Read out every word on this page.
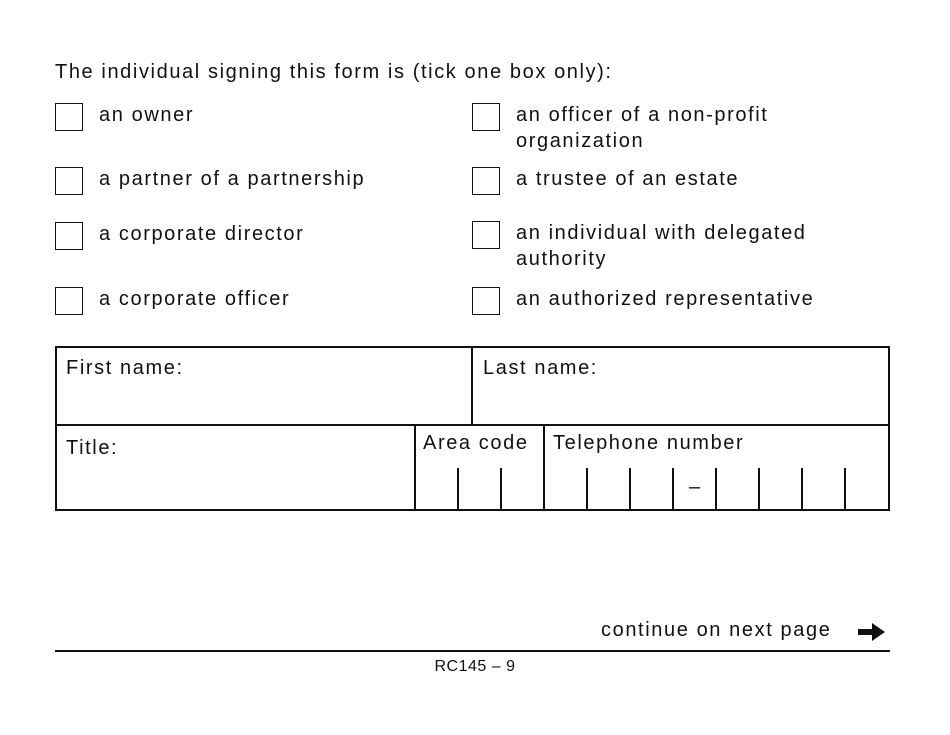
The individual signing this form is (tick one box only):
an owner
a partner of a partnership
a corporate director
a corporate officer
an officer of a non-profit organization
a trustee of an estate
an individual with delegated authority
an authorized representative
First name:	Last name:
Title:	Area code Telephone number
–
continue on next page
RC145 – 9
